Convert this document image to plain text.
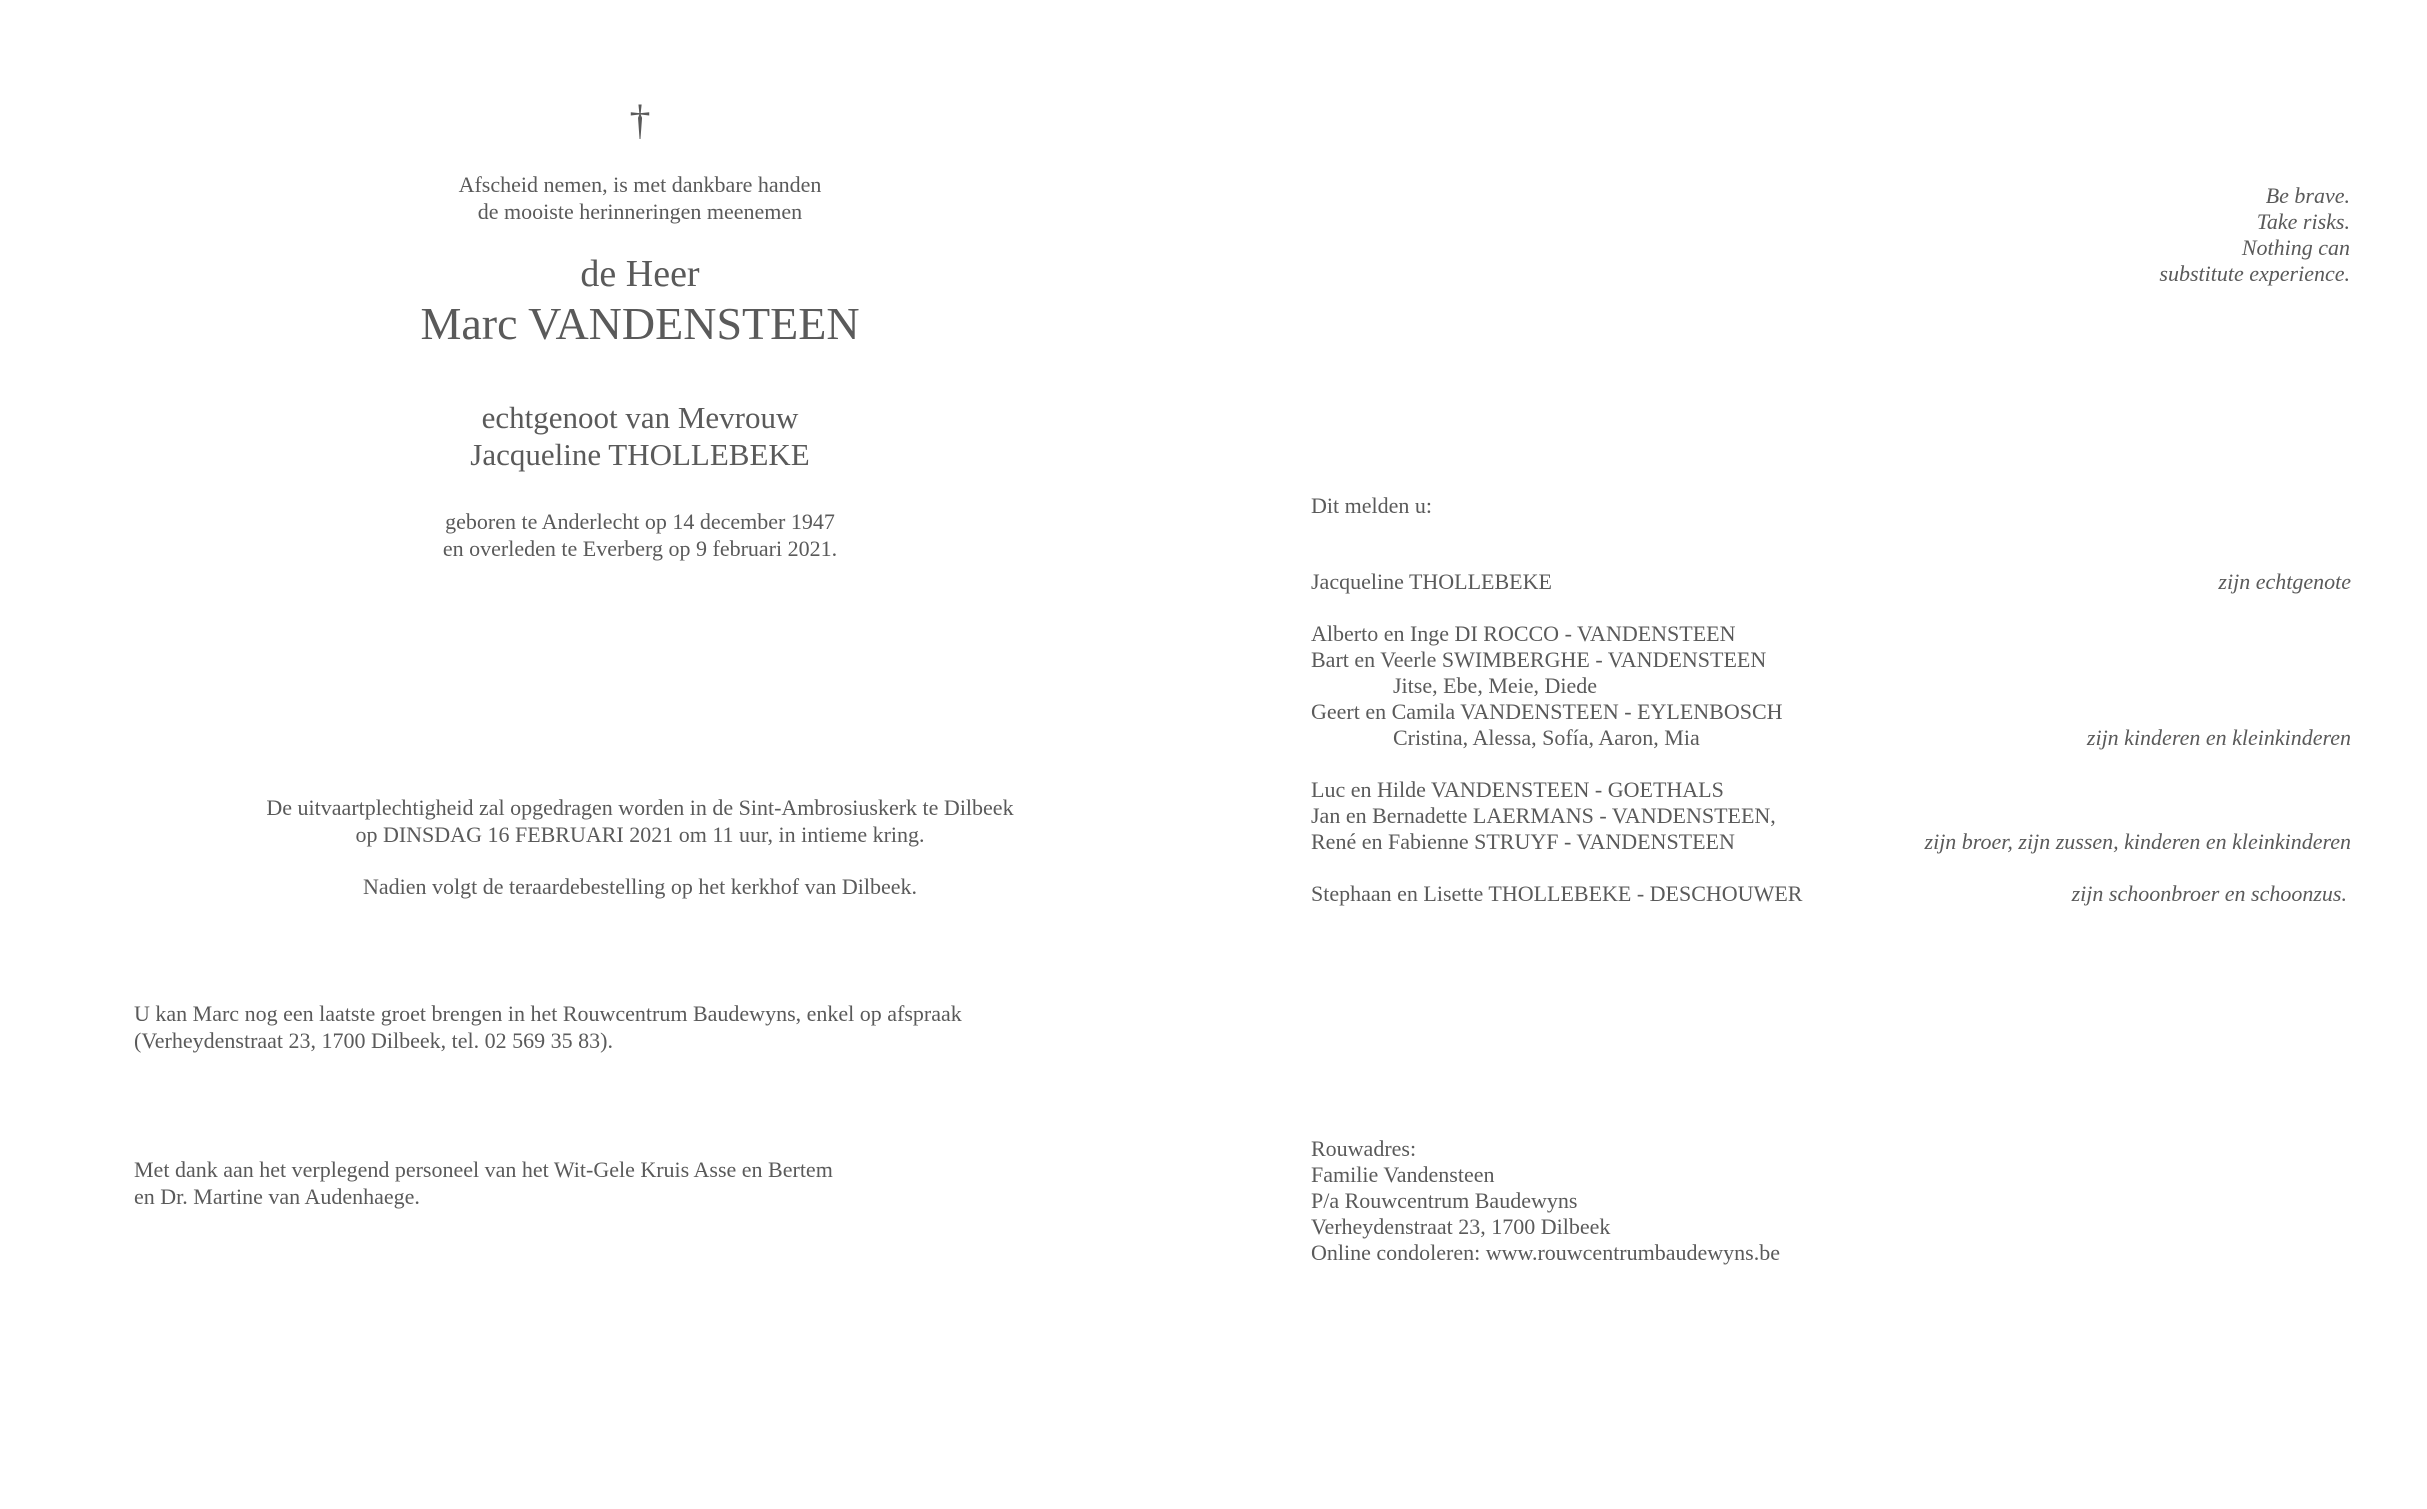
†
Afscheid nemen, is met dankbare handen
de mooiste herinneringen meenemen
de Heer
Marc VANDENSTEEN
echtgenoot van Mevrouw
Jacqueline THOLLEBEKE
geboren te Anderlecht op 14 december 1947
en overleden te Everberg op 9 februari 2021.
De uitvaartplechtigheid zal opgedragen worden in de Sint-Ambrosiuskerk te Dilbeek
op DINSDAG 16 FEBRUARI 2021 om 11 uur, in intieme kring.
Nadien volgt de teraardebestelling op het kerkhof van Dilbeek.
U kan Marc nog een laatste groet brengen in het Rouwcentrum Baudewyns, enkel op afspraak
(Verheydenstraat 23, 1700 Dilbeek, tel. 02 569 35 83).
Met dank aan het verplegend personeel van het Wit-Gele Kruis Asse en Bertem
en Dr. Martine van Audenhaege.
Be brave.
Take risks.
Nothing can
substitute experience.
Dit melden u:
Jacqueline THOLLEBEKE	zijn echtgenote
Alberto en Inge DI ROCCO - VANDENSTEEN
Bart en Veerle SWIMBERGHE - VANDENSTEEN
Jitse, Ebe, Meie, Diede
Geert en Camila VANDENSTEEN - EYLENBOSCH
Cristina, Alessa, Sofía, Aaron, Mia	zijn kinderen en kleinkinderen
Luc en Hilde VANDENSTEEN - GOETHALS
Jan en Bernadette LAERMANS - VANDENSTEEN,
René en Fabienne STRUYF - VANDENSTEEN	zijn broer, zijn zussen, kinderen en kleinkinderen
Stephaan en Lisette THOLLEBEKE - DESCHOUWER	zijn schoonbroer en schoonzus.
Rouwadres:
Familie Vandensteen
P/a Rouwcentrum Baudewyns
Verheydenstraat 23, 1700 Dilbeek
Online condoleren: www.rouwcentrumbaudewyns.be
